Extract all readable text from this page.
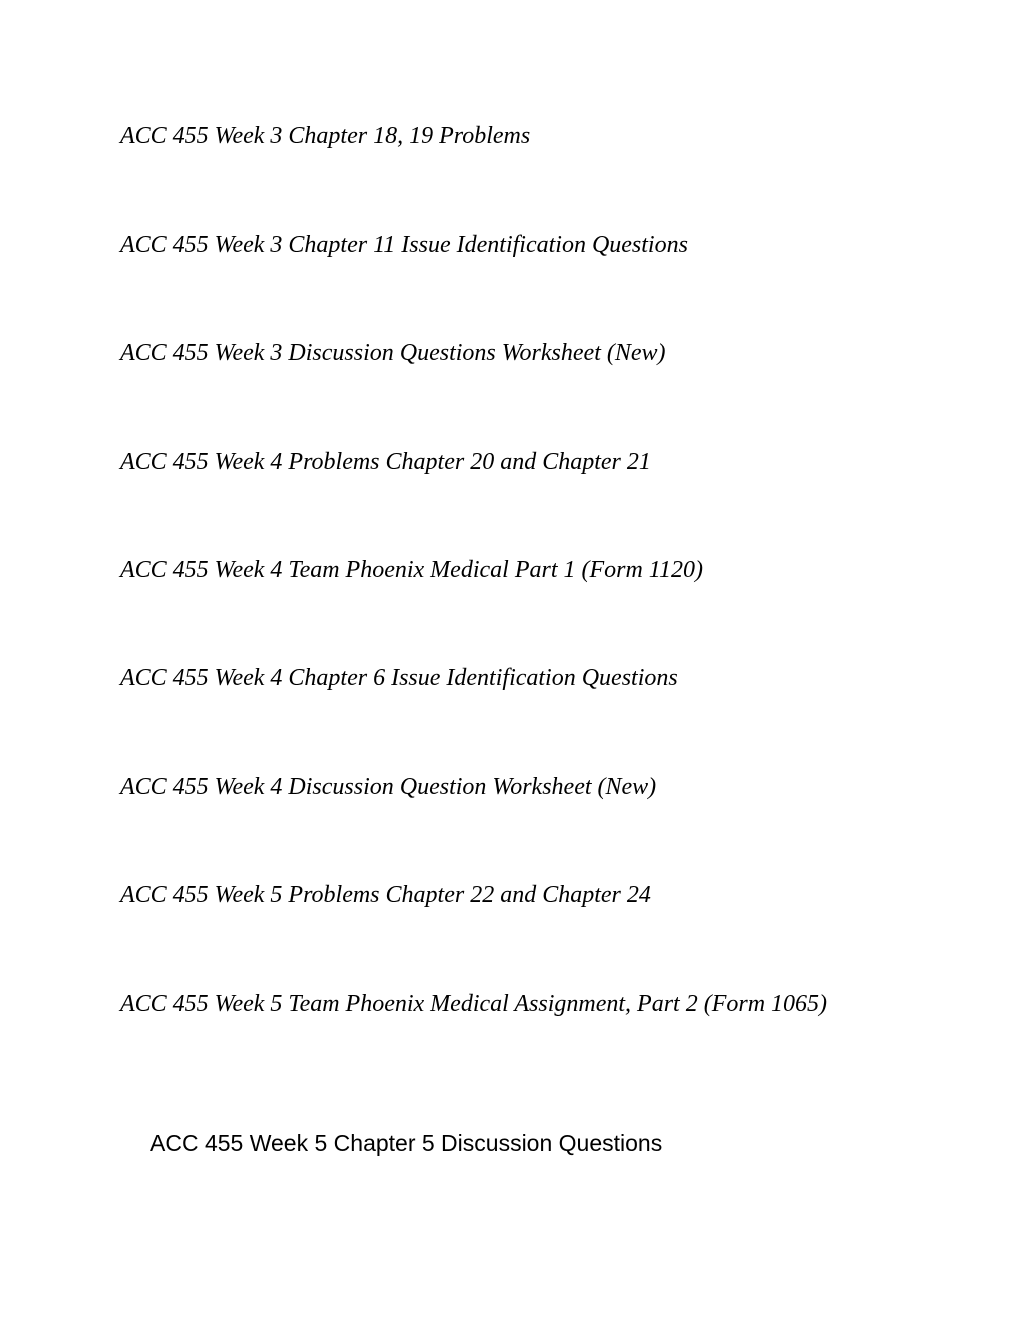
ACC 455 Week 3 Chapter 18, 19 Problems

ACC 455 Week 3 Chapter 11 Issue Identification Questions

ACC 455 Week 3 Discussion Questions Worksheet (New)

ACC 455 Week 4 Problems Chapter 20 and Chapter 21

ACC 455 Week 4 Team Phoenix Medical Part 1 (Form 1120)

ACC 455 Week 4 Chapter 6 Issue Identification Questions

ACC 455 Week 4 Discussion Question Worksheet (New)

ACC 455 Week 5 Problems Chapter 22 and Chapter 24

ACC 455 Week 5 Team Phoenix Medical Assignment, Part 2 (Form 1065)

ACC 455 Week 5 Chapter 5 Discussion Questions
